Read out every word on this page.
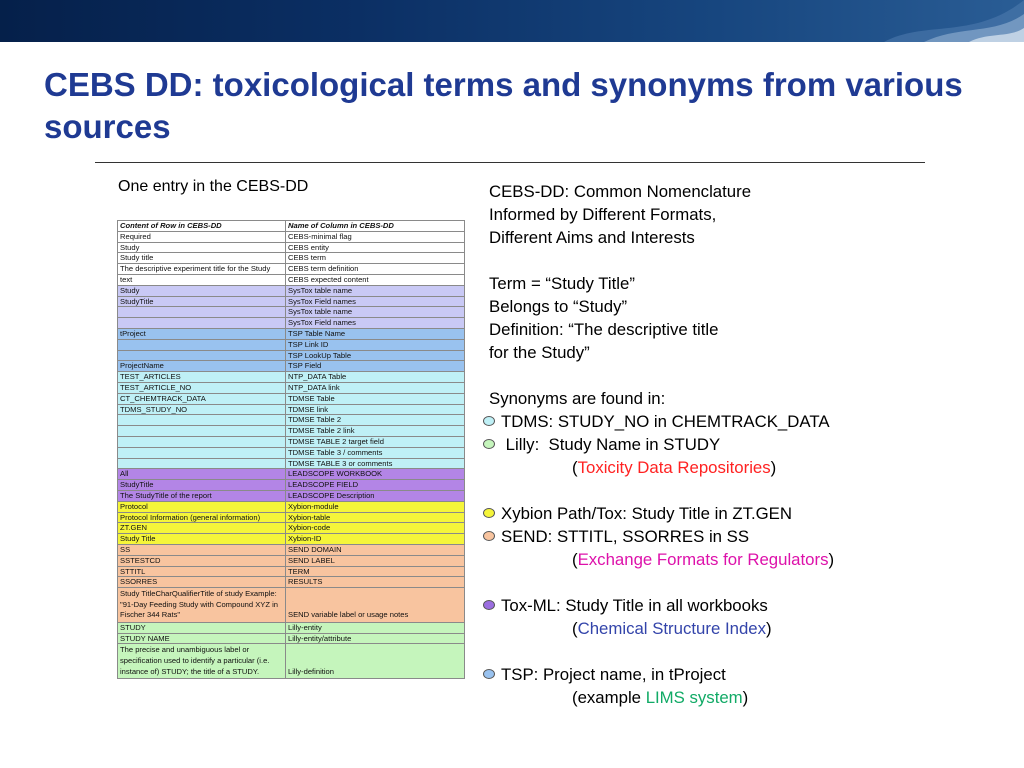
CEBS DD: toxicological terms and synonyms from various sources
One entry in the CEBS-DD
Content of Row in CEBS-DD	Name of Column in CEBS-DD
Required	CEBS-minimal flag
Study	CEBS entity
Study title	CEBS term
The descriptive experiment title for the Study	CEBS term definition
text	CEBS expected content
Study	SysTox table name
StudyTitle	SysTox Field names
	SysTox table name
	SysTox Field names
tProject	TSP Table Name
	TSP Link ID
	TSP LookUp Table
ProjectName	TSP Field
TEST_ARTICLES	NTP_DATA Table
TEST_ARTICLE_NO	NTP_DATA link
CT_CHEMTRACK_DATA	TDMSE Table
TDMS_STUDY_NO	TDMSE link
	TDMSE Table 2
	TDMSE Table 2 link
	TDMSE TABLE 2 target field
	TDMSE Table 3 / comments
	TDMSE TABLE 3 or comments
All	LEADSCOPE WORKBOOK
StudyTitle	LEADSCOPE FIELD
The StudyTitle of the report	LEADSCOPE Description
Protocol	Xybion-module
Protocol Information (general information)	Xybion-table
ZT.GEN	Xybion-code
Study Title	Xybion-ID
SS	SEND DOMAIN
SSTESTCD	SEND LABEL
STTITL	TERM
SSORRES	RESULTS
Study TitleCharQualifierTitle of study Example: "91-Day Feeding Study with Compound XYZ in Fischer 344 Rats"	SEND variable label or usage notes
STUDY	Lilly-entity
STUDY NAME	Lilly-entity/attribute
The precise and unambiguous label or specification used to identify a particular (i.e. instance of) STUDY; the title of a STUDY.	Lilly-definition
CEBS-DD: Common Nomenclature
Informed by Different Formats,
Different Aims and Interests
Term = “Study Title”
Belongs to “Study”
Definition: “The descriptive title
for the Study”
Synonyms are found in:
TDMS: STUDY_NO in CHEMTRACK_DATA
Lilly:  Study Name in STUDY
(Toxicity Data Repositories)
Xybion Path/Tox: Study Title in ZT.GEN
SEND: STTITL, SSORRES in SS
(Exchange Formats for Regulators)
Tox-ML: Study Title in all workbooks
(Chemical Structure Index)
TSP: Project name, in tProject
(example LIMS system)
